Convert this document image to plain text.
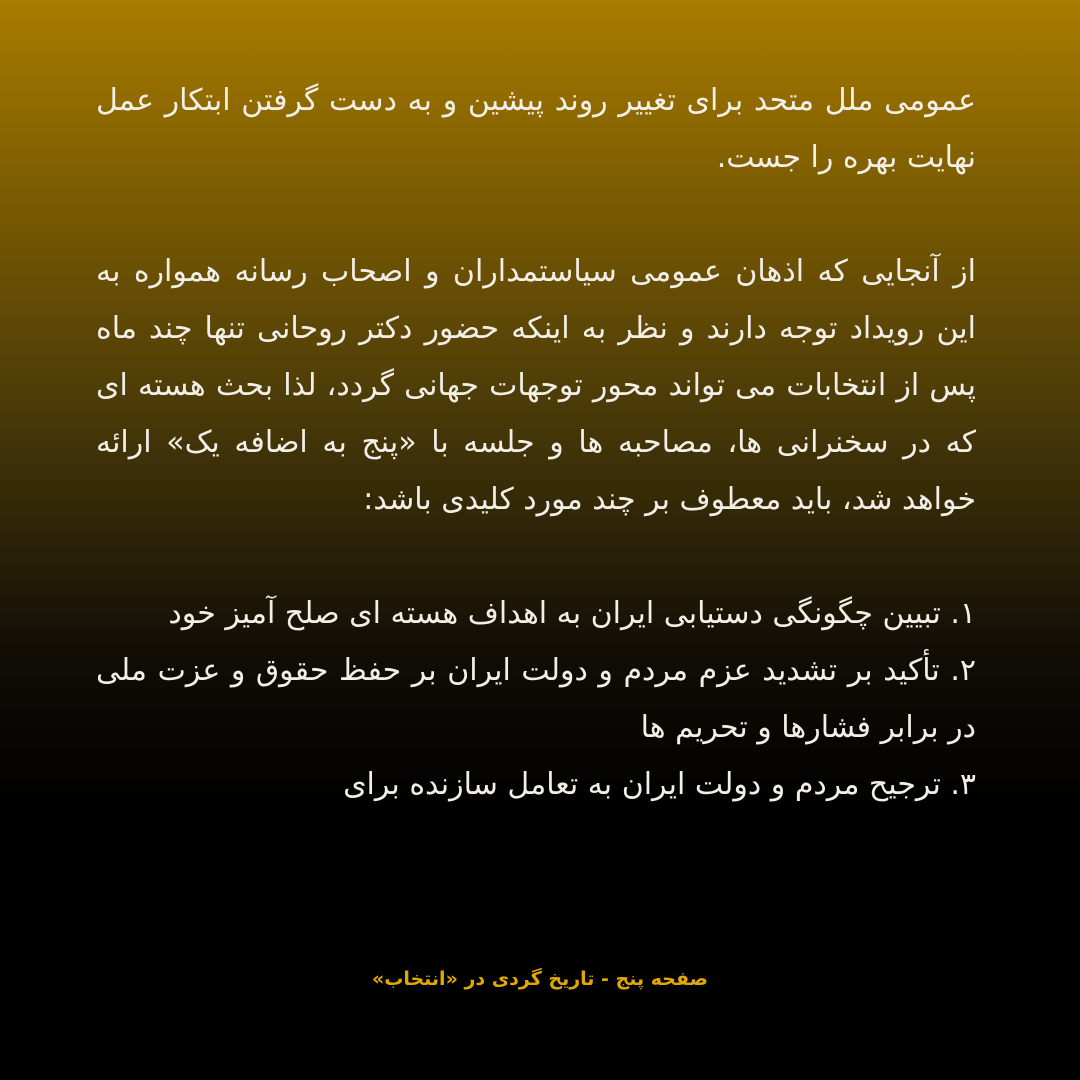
عمومی ملل متحد برای تغییر روند پیشین و به دست گرفتن ابتکار عمل نهایت بهره را جست.

از آنجایی که اذهان عمومی سیاستمداران و اصحاب رسانه همواره به این رویداد توجه دارند و نظر به اینکه حضور دکتر روحانی تنها چند ماه پس از انتخابات می تواند محور توجهات جهانی گردد، لذا بحث هسته ای که در سخنرانی ها، مصاحبه ها و جلسه با «پنج به اضافه یک» ارائه خواهد شد، باید معطوف بر چند مورد کلیدی باشد:

۱. تبیین چگونگی دستیابی ایران به اهداف هسته ای صلح آمیز خود

۲. تأکید بر تشدید عزم مردم و دولت ایران بر حفظ حقوق و عزت ملی در برابر فشارها و تحریم ها

۳. ترجیح مردم و دولت ایران به تعامل سازنده برای

صفحه پنج - تاریخ گردی در «انتخاب»
